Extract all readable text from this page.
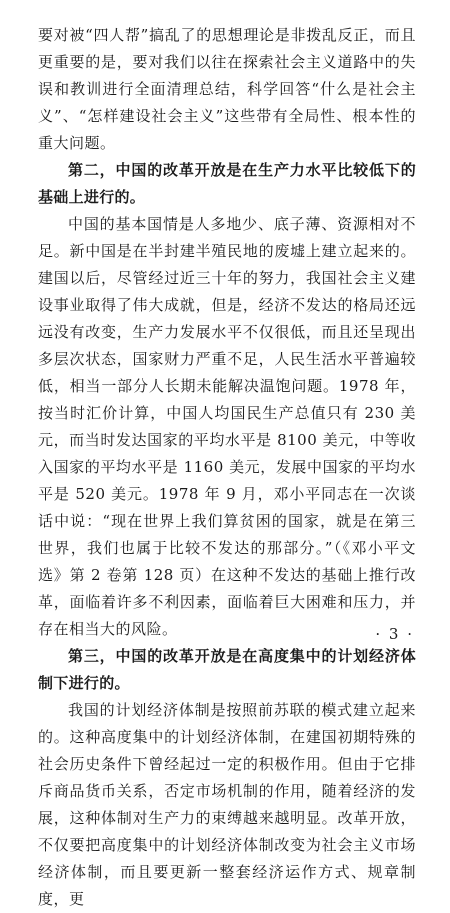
要对被“四人帮”搞乱了的思想理论是非拨乱反正，而且更重要的是，要对我们以往在探索社会主义道路中的失误和教训进行全面清理总结，科学回答“什么是社会主义”、“怎样建设社会主义”这些带有全局性、根本性的重大问题。

第二，中国的改革开放是在生产力水平比较低下的基础上进行的。

中国的基本国情是人多地少、底子薄、资源相对不足。新中国是在半封建半殖民地的废墟上建立起来的。建国以后，尽管经过近三十年的努力，我国社会主义建设事业取得了伟大成就，但是，经济不发达的格局还远远没有改变，生产力发展水平不仅很低，而且还呈现出多层次状态，国家财力严重不足，人民生活水平普遍较低，相当一部分人长期未能解决温饱问题。1978 年，按当时汇价计算，中国人均国民生产总值只有 230 美元，而当时发达国家的平均水平是 8100 美元，中等收入国家的平均水平是 1160 美元，发展中国家的平均水平是 520 美元。1978 年 9 月，邓小平同志在一次谈话中说：“现在世界上我们算贫困的国家，就是在第三世界，我们也属于比较不发达的那部分。”（《邓小平文选》第 2 卷第 128 页）在这种不发达的基础上推行改革，面临着许多不利因素，面临着巨大困难和压力，并存在相当大的风险。

第三，中国的改革开放是在高度集中的计划经济体制下进行的。

我国的计划经济体制是按照前苏联的模式建立起来的。这种高度集中的计划经济体制，在建国初期特殊的社会历史条件下曾经起过一定的积极作用。但由于它排斥商品货币关系，否定市场机制的作用，随着经济的发展，这种体制对生产力的束缚越来越明显。改革开放，不仅要把高度集中的计划经济体制改变为社会主义市场经济体制，而且要更新一整套经济运作方式、规章制度，更

· 3 ·
